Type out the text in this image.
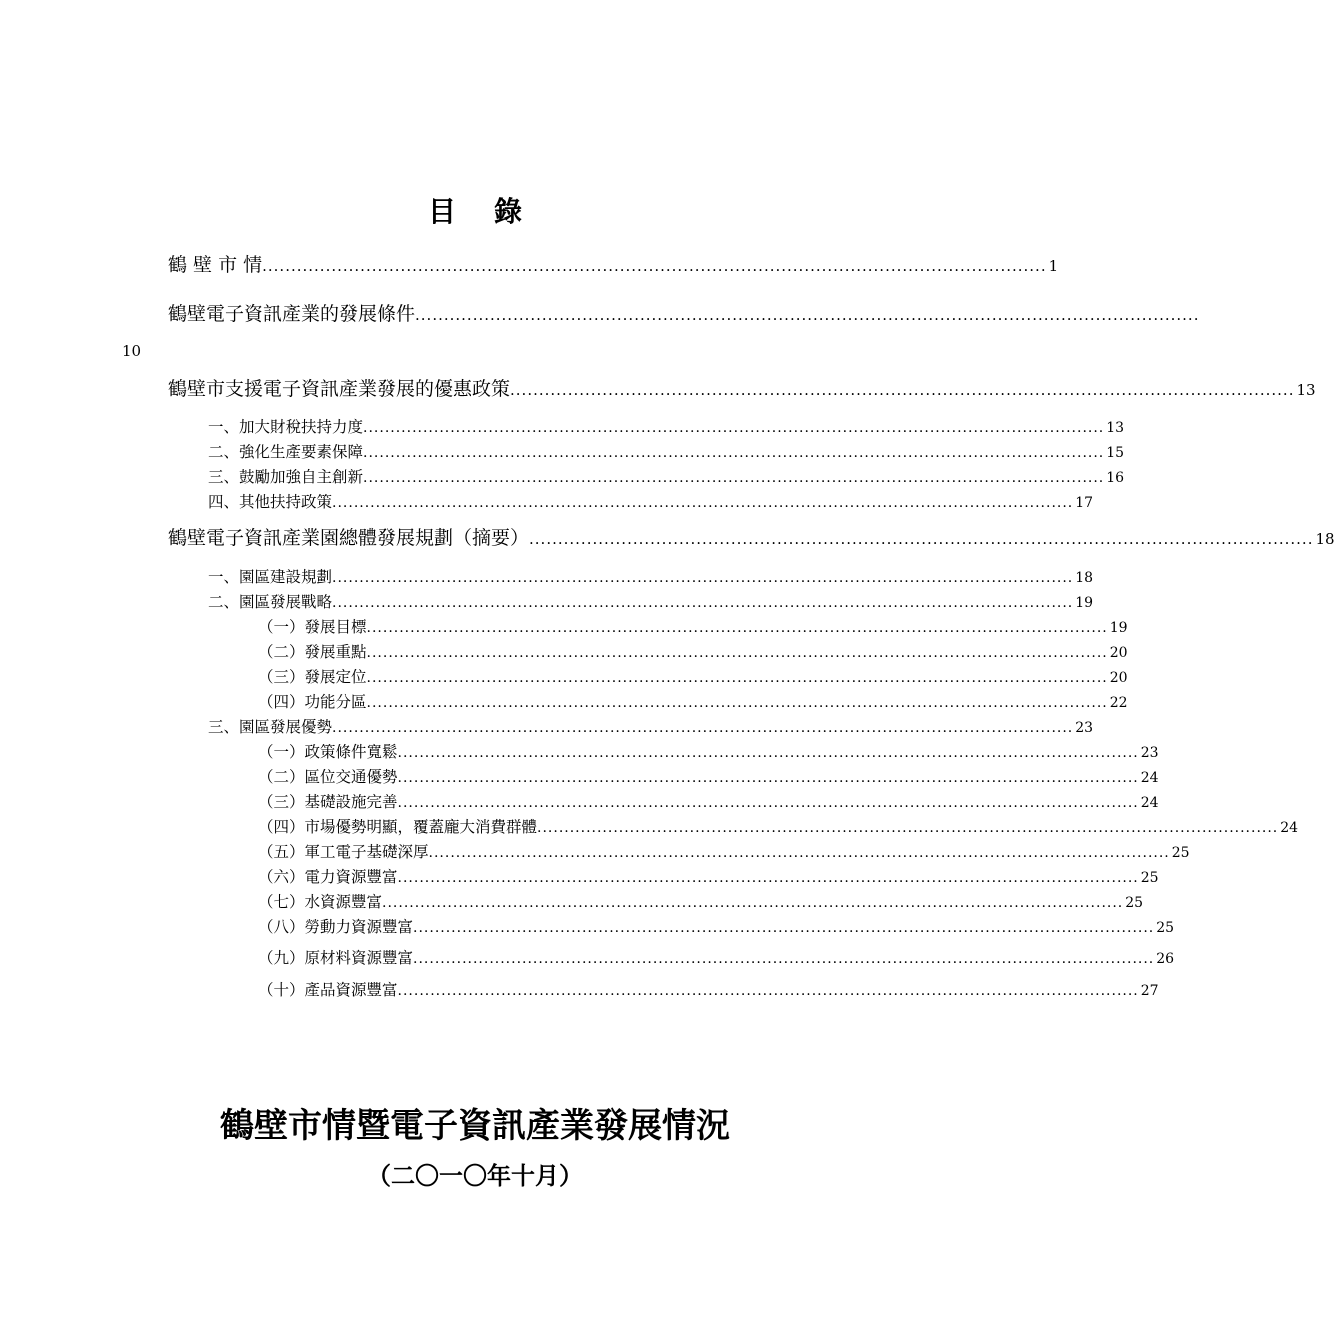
目 錄
鶴 壁 市 情 ........................................................................................................................................ 1
鶴壁電子資訊產業的發展條件 ........................................................................................................................................
10
鶴壁市支援電子資訊產業發展的優惠政策 ........................................................................................................................................ 13
一、加大財稅扶持力度 ........................................................................................................................................ 13
二、強化生產要素保障 ........................................................................................................................................ 15
三、鼓勵加強自主創新 ........................................................................................................................................ 16
四、其他扶持政策 ........................................................................................................................................ 17
鶴壁電子資訊產業園總體發展規劃（摘要） ........................................................................................................................................ 18
一、園區建設規劃 ........................................................................................................................................ 18
二、園區發展戰略 ........................................................................................................................................ 19
（一）發展目標 ........................................................................................................................................ 19
（二）發展重點 ........................................................................................................................................ 20
（三）發展定位 ........................................................................................................................................ 20
（四）功能分區 ........................................................................................................................................ 22
三、園區發展優勢 ........................................................................................................................................ 23
（一）政策條件寬鬆 ........................................................................................................................................ 23
（二）區位交通優勢 ........................................................................................................................................ 24
（三）基礎設施完善 ........................................................................................................................................ 24
（四）市場優勢明顯，覆蓋龐大消費群體 ........................................................................................................................................ 24
（五）軍工電子基礎深厚 ........................................................................................................................................ 25
（六）電力資源豐富 ........................................................................................................................................ 25
（七）水資源豐富 ........................................................................................................................................ 25
（八）勞動力資源豐富 ........................................................................................................................................ 25
（九）原材料資源豐富 ........................................................................................................................................ 26
（十）產品資源豐富 ........................................................................................................................................ 27
鶴壁市情暨電子資訊產業發展情況
（二〇一〇年十月）
